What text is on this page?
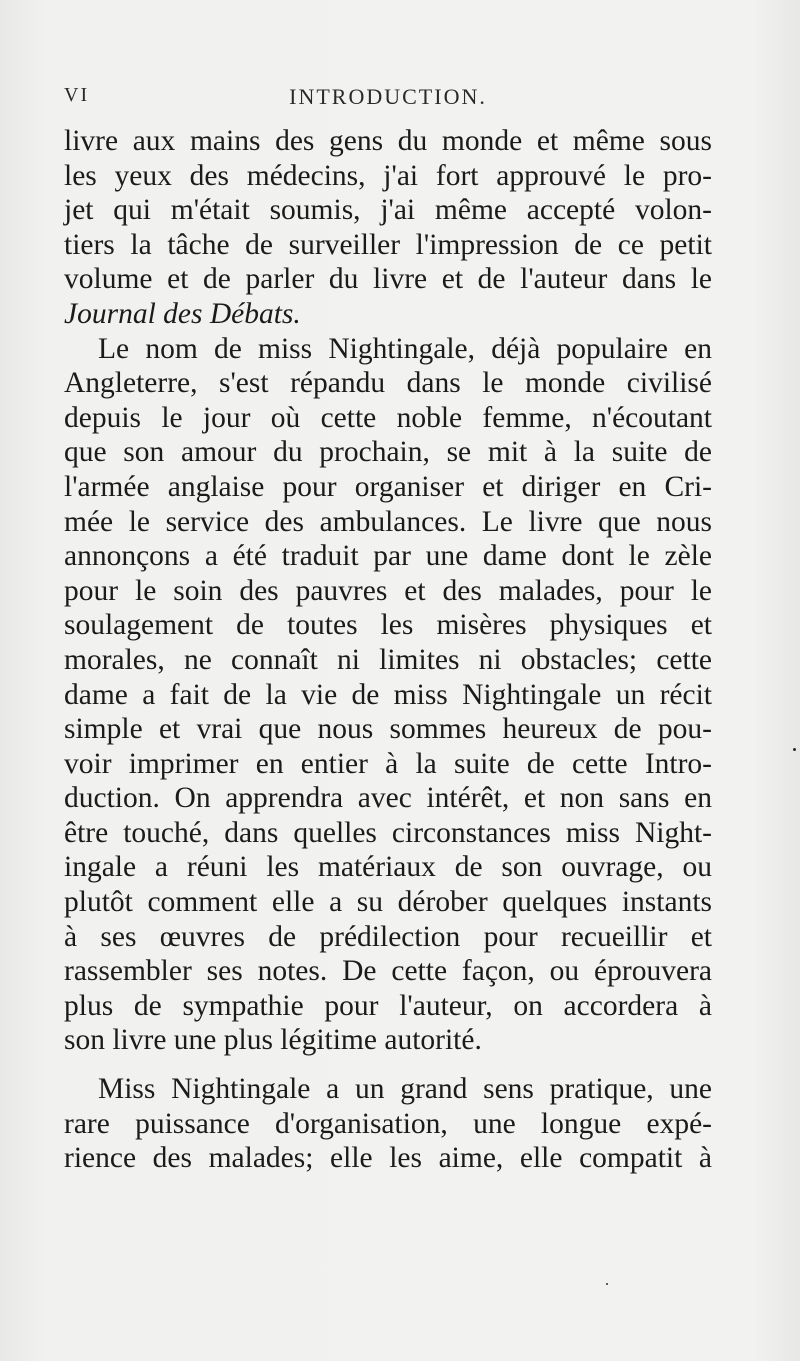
VI	INTRODUCTION.
livre aux mains des gens du monde et même sous
les yeux des médecins, j'ai fort approuvé le pro-
jet qui m'était soumis, j'ai même accepté volon-
tiers la tâche de surveiller l'impression de ce petit
volume et de parler du livre et de l'auteur dans le
Journal des Débats.
Le nom de miss Nightingale, déjà populaire en
Angleterre, s'est répandu dans le monde civilisé
depuis le jour où cette noble femme, n'écoutant
que son amour du prochain, se mit à la suite de
l'armée anglaise pour organiser et diriger en Cri-
mée le service des ambulances. Le livre que nous
annonçons a été traduit par une dame dont le zèle
pour le soin des pauvres et des malades, pour le
soulagement de toutes les misères physiques et
morales, ne connaît ni limites ni obstacles; cette
dame a fait de la vie de miss Nightingale un récit
simple et vrai que nous sommes heureux de pou-
voir imprimer en entier à la suite de cette Intro-
duction. On apprendra avec intérêt, et non sans en
être touché, dans quelles circonstances miss Night-
ingale a réuni les matériaux de son ouvrage, ou
plutôt comment elle a su dérober quelques instants
à ses œuvres de prédilection pour recueillir et
rassembler ses notes. De cette façon, ou éprouvera
plus de sympathie pour l'auteur, on accordera à
son livre une plus légitime autorité.
Miss Nightingale a un grand sens pratique, une
rare puissance d'organisation, une longue expé-
rience des malades; elle les aime, elle compatit à
